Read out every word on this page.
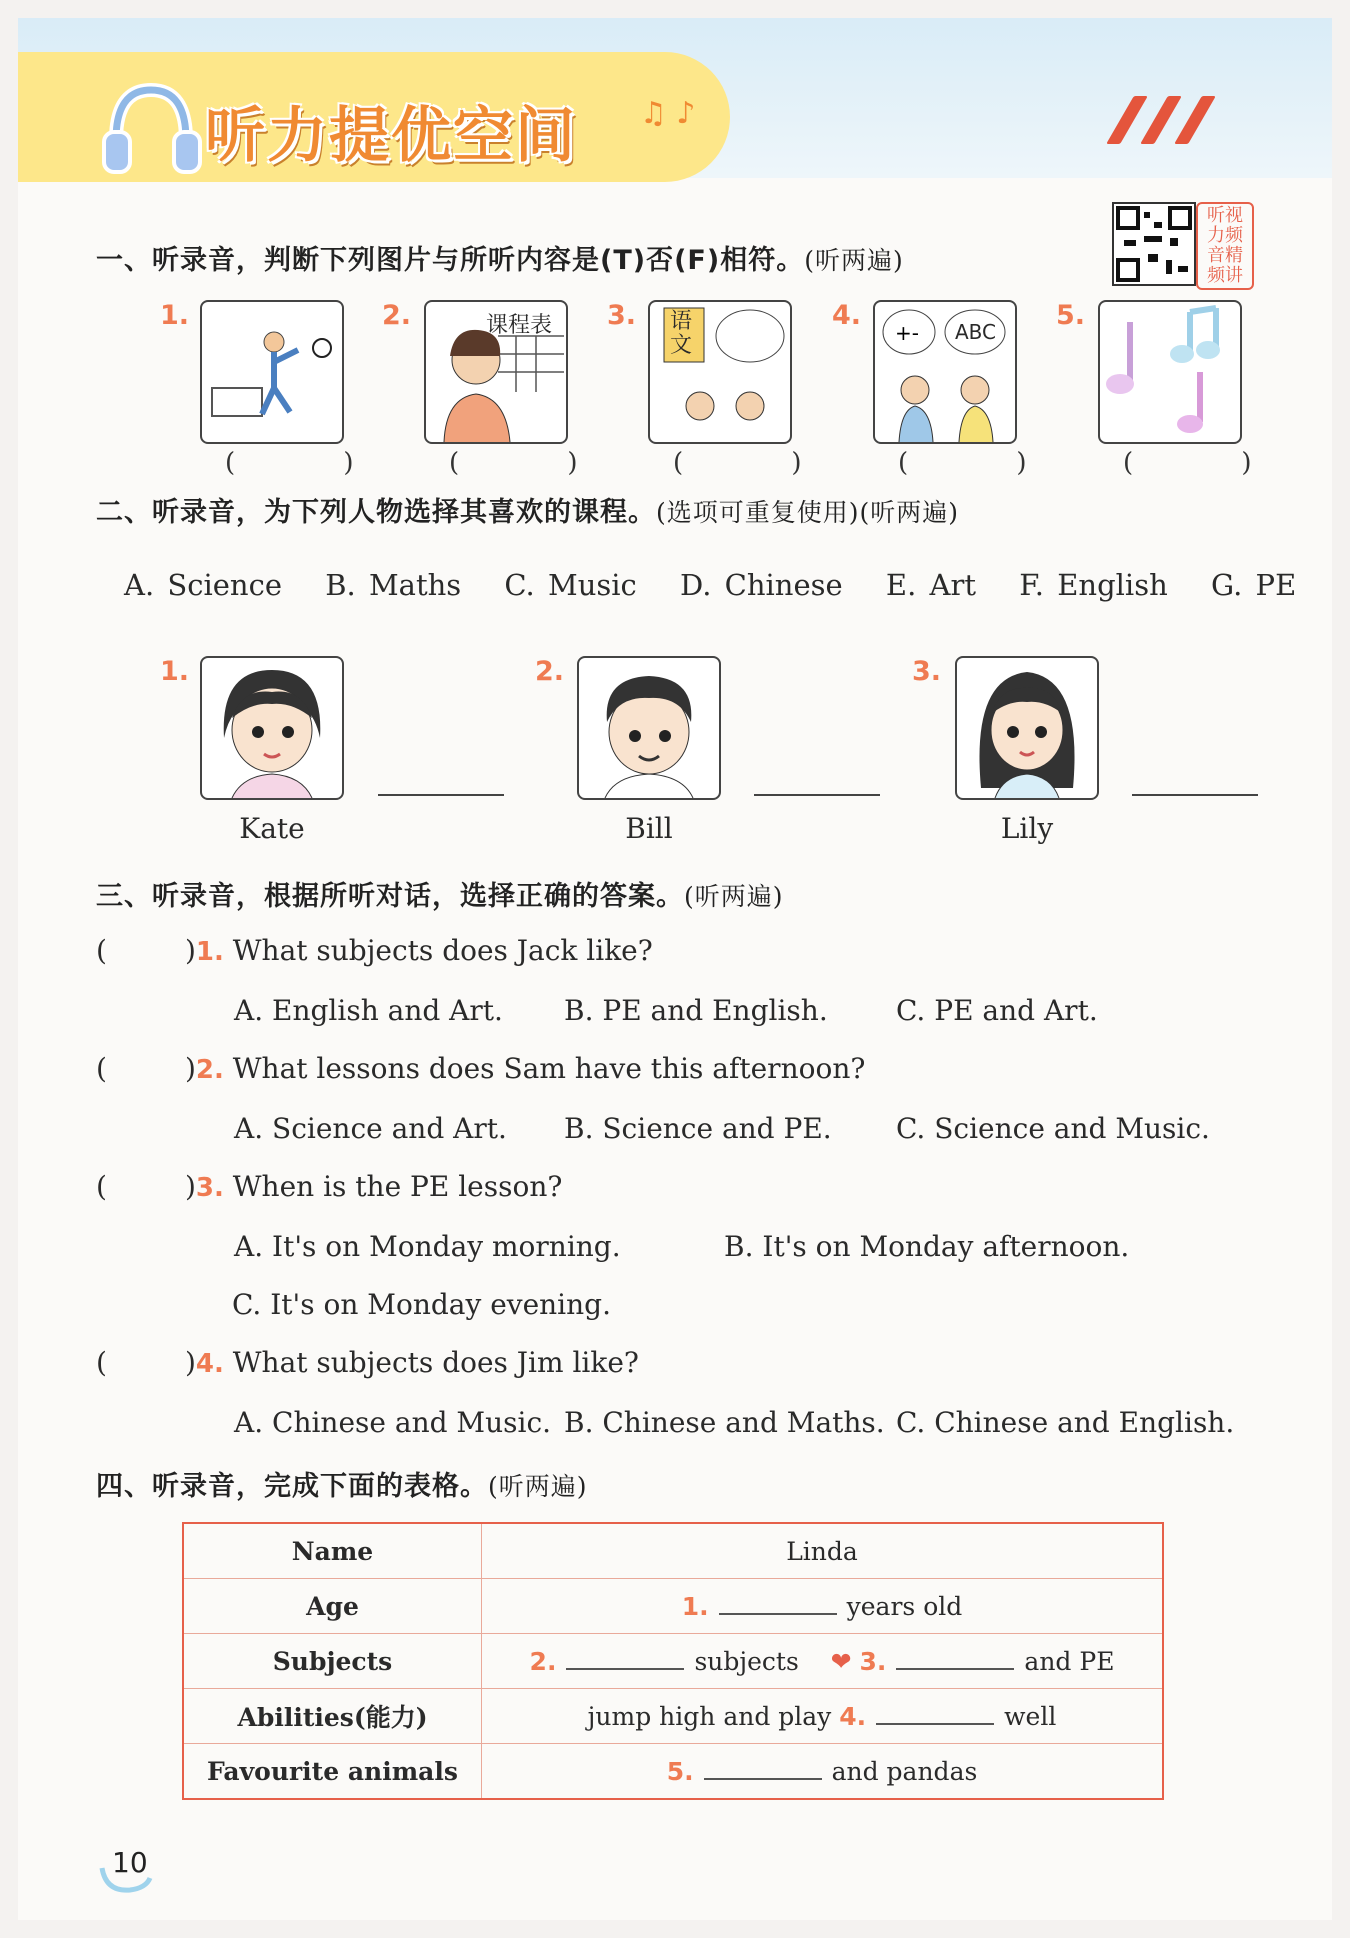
听力提优空间 ♫ ♪
一、听录音，判断下列图片与所听内容是(T)否(F)相符。(听两遍)
听视力频音精频讲
1.
( )
2.	课程表
( )
3. 语文
( )
4.
+- ABC
( )
5.
( )
二、听录音，为下列人物选择其喜欢的课程。(选项可重复使用)(听两遍)
A. Science B. Maths C. Music D. Chinese E. Art F. English G. PE
1.
Kate
2.
Bill
3.
Lily
三、听录音，根据所听对话，选择正确的答案。(听两遍)
(	)1. What subjects does Jack like?
A. English and Art. B. PE and English. C. PE and Art.
(	)2. What lessons does Sam have this afternoon?
A. Science and Art. B. Science and PE. C. Science and Music.
(	)3. When is the PE lesson?
A. It's on Monday morning.	B. It's on Monday afternoon.
C. It's on Monday evening.
(	)4. What subjects does Jim like?
A. Chinese and Music. B. Chinese and Maths. C. Chinese and English.
四、听录音，完成下面的表格。(听两遍)
Name	Linda
Age	1. years old
Subjects	2. subjects ❤ 3. and PE
Abilities(能力)	jump high and play 4. well
Favourite animals	5. and pandas
10
